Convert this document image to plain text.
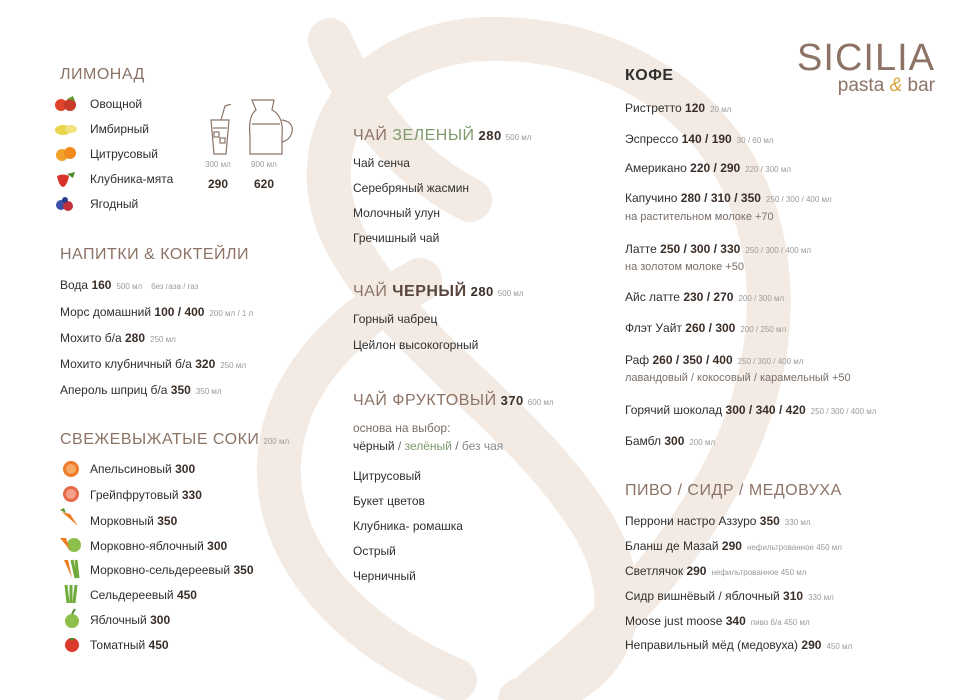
SICILIA
pasta & bar
ЛИМОНАД
Овощной
Имбирный
Цитрусовый
Клубника-мята
Ягодный
300 мл	900 мл
290 620
НАПИТКИ & КОКТЕЙЛИ
Вода 160 500 мл    без газа / газ
Морс домашний 100 / 400 200 мл / 1 л
Мохито б/а 280 250 мл
Мохито клубничный б/а 320 250 мл
Апероль шприц б/а 350 350 мл
СВЕЖЕВЫЖАТЫЕ СОКИ 200 мл
Апельсиновый 300
Грейпфрутовый 330
Морковный 350
Морковно-яблочный 300
Морковно-сельдереевый 350
Сельдереевый 450
Яблочный 300
Томатный 450
ЧАЙ ЗЕЛЕНЫЙ 280 500 мл
Чай сенча
Серебряный жасмин
Молочный улун
Гречишный чай
ЧАЙ ЧЕРНЫЙ 280 500 мл
Горный чабрец
Цейлон высокогорный
ЧАЙ ФРУКТОВЫЙ 370 600 мл
основа на выбор:
чёрный / зелёный / без чая
Цитрусовый
Букет цветов
Клубника- ромашка
Острый
Черничный
КОФЕ
Ристретто 120 20 мл
Эспрессо 140 / 190 30 / 60 мл
Американо 220 / 290 220 / 300 мл
Капучино 280 / 310 / 350 250 / 300 / 400 мл
на растительном молоке +70
Латте 250 / 300 / 330 250 / 300 / 400 мл
на золотом молоке +50
Айс латте 230 / 270 200 / 300 мл
Флэт Уайт 260 / 300 200 / 250 мл
Раф 260 / 350 / 400 250 / 300 / 400 мл
лавандовый / кокосовый / карамельный +50
Горячий шоколад 300 / 340 / 420 250 / 300 / 400 мл
Бамбл 300 200 мл
ПИВО / СИДР / МЕДОВУХА
Перрони настро Аззуро 350 330 мл
Бланш де Мазай 290 нефильтрованное 450 мл
Светлячок 290 нефильтрованное 450 мл
Сидр вишнёвый / яблочный 310 330 мл
Moose just moose 340 пиво б/а 450 мл
Неправильный мёд (медовуха) 290 450 мл
